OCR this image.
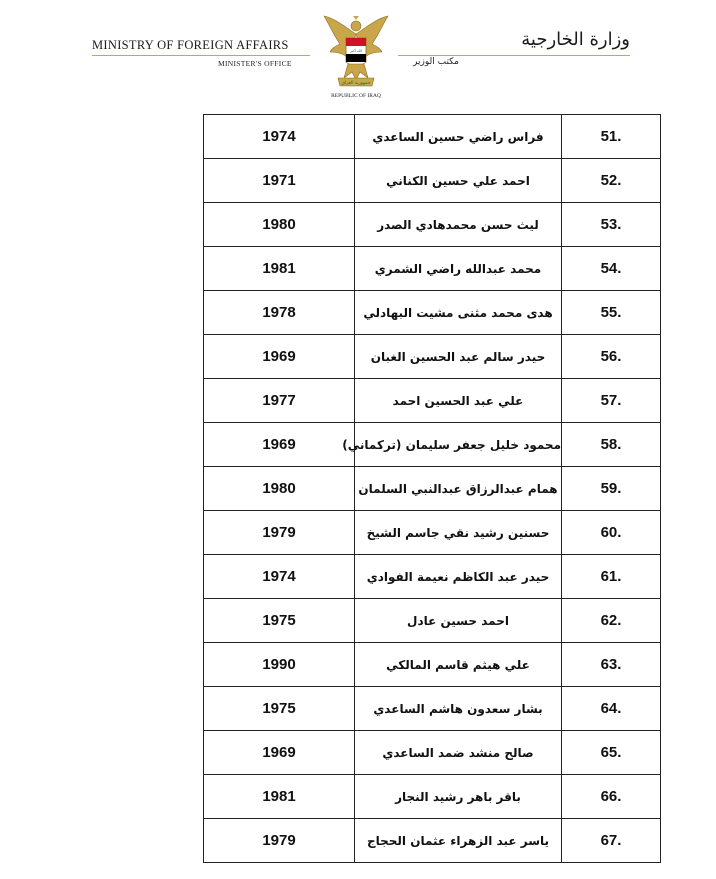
MINISTRY OF FOREIGN AFFAIRS
MINISTER'S OFFICE
الله أكبر
جمهورية العراق
REPUBLIC OF IRAQ
وزارة الخارجية
مكتب الوزير
1974	فراس راضي حسين الساعدي	51.
1971	احمد علي حسين الكناني	52.
1980	ليث حسن محمدهادي الصدر	53.
1981	محمد عبدالله راضي الشمري	54.
1978	هدى محمد مثنى مشيت البهادلي	55.
1969	حيدر سالم عبد الحسين الغبان	56.
1977	علي عبد الحسين احمد	57.
1969	محمود خليل جعفر سليمان (تركماني)	58.
1980	همام عبدالرزاق عبدالنبي السلمان	59.
1979	حسنين رشيد نقي جاسم الشيخ	60.
1974	حيدر عبد الكاظم نعيمة الفوادي	61.
1975	احمد حسين عادل	62.
1990	علي هيثم قاسم المالكي	63.
1975	بشار سعدون هاشم الساعدي	64.
1969	صالح منشد ضمد الساعدي	65.
1981	باقر باهر رشيد النجار	66.
1979	ياسر عبد الزهراء عثمان الحجاج	67.
